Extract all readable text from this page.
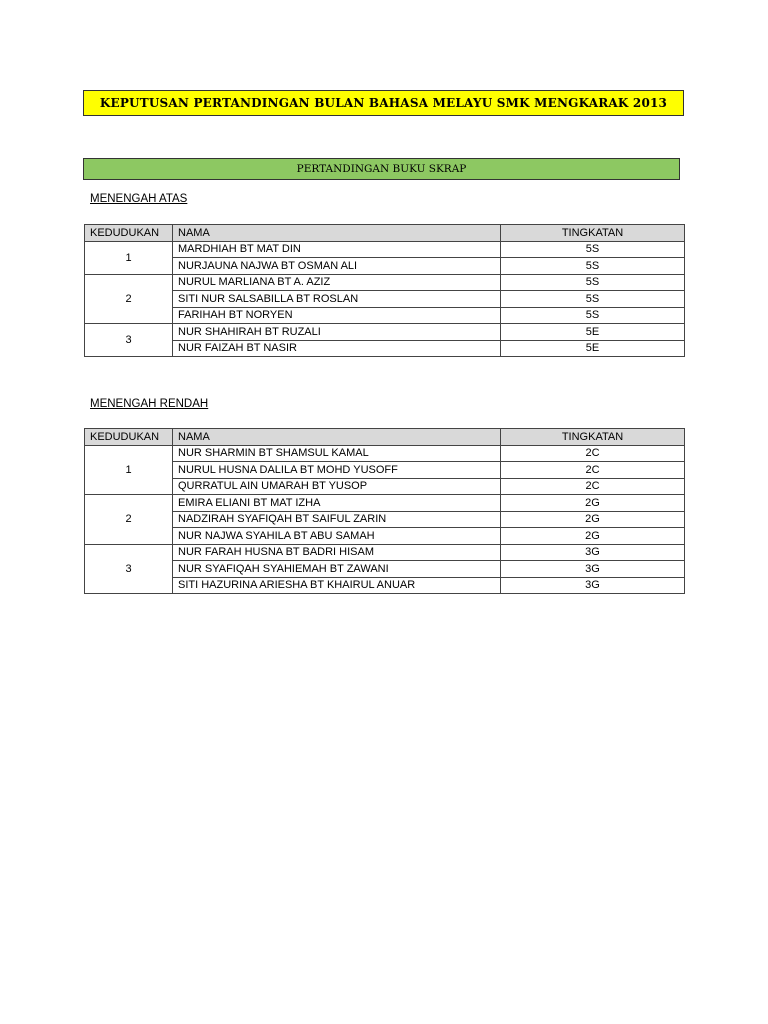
KEPUTUSAN PERTANDINGAN BULAN BAHASA MELAYU SMK MENGKARAK 2013
PERTANDINGAN BUKU SKRAP
MENENGAH ATAS
KEDUDUKAN	NAMA	TINGKATAN
1	MARDHIAH BT MAT DIN	5S
	NURJAUNA NAJWA BT OSMAN ALI	5S
2	NURUL MARLIANA BT A. AZIZ	5S
	SITI NUR SALSABILLA BT ROSLAN	5S
	FARIHAH BT NORYEN	5S
3	NUR SHAHIRAH BT RUZALI	5E
	NUR FAIZAH BT NASIR	5E
MENENGAH RENDAH
KEDUDUKAN	NAMA	TINGKATAN
1	NUR SHARMIN BT SHAMSUL KAMAL	2C
	NURUL HUSNA DALILA BT MOHD YUSOFF	2C
	QURRATUL AIN UMARAH BT YUSOP	2C
2	EMIRA ELIANI BT MAT IZHA	2G
	NADZIRAH SYAFIQAH BT SAIFUL ZARIN	2G
	NUR NAJWA SYAHILA BT ABU SAMAH	2G
3	NUR FARAH HUSNA BT BADRI HISAM	3G
	NUR SYAFIQAH SYAHIEMAH BT ZAWANI	3G
	SITI HAZURINA ARIESHA BT KHAIRUL ANUAR	3G
